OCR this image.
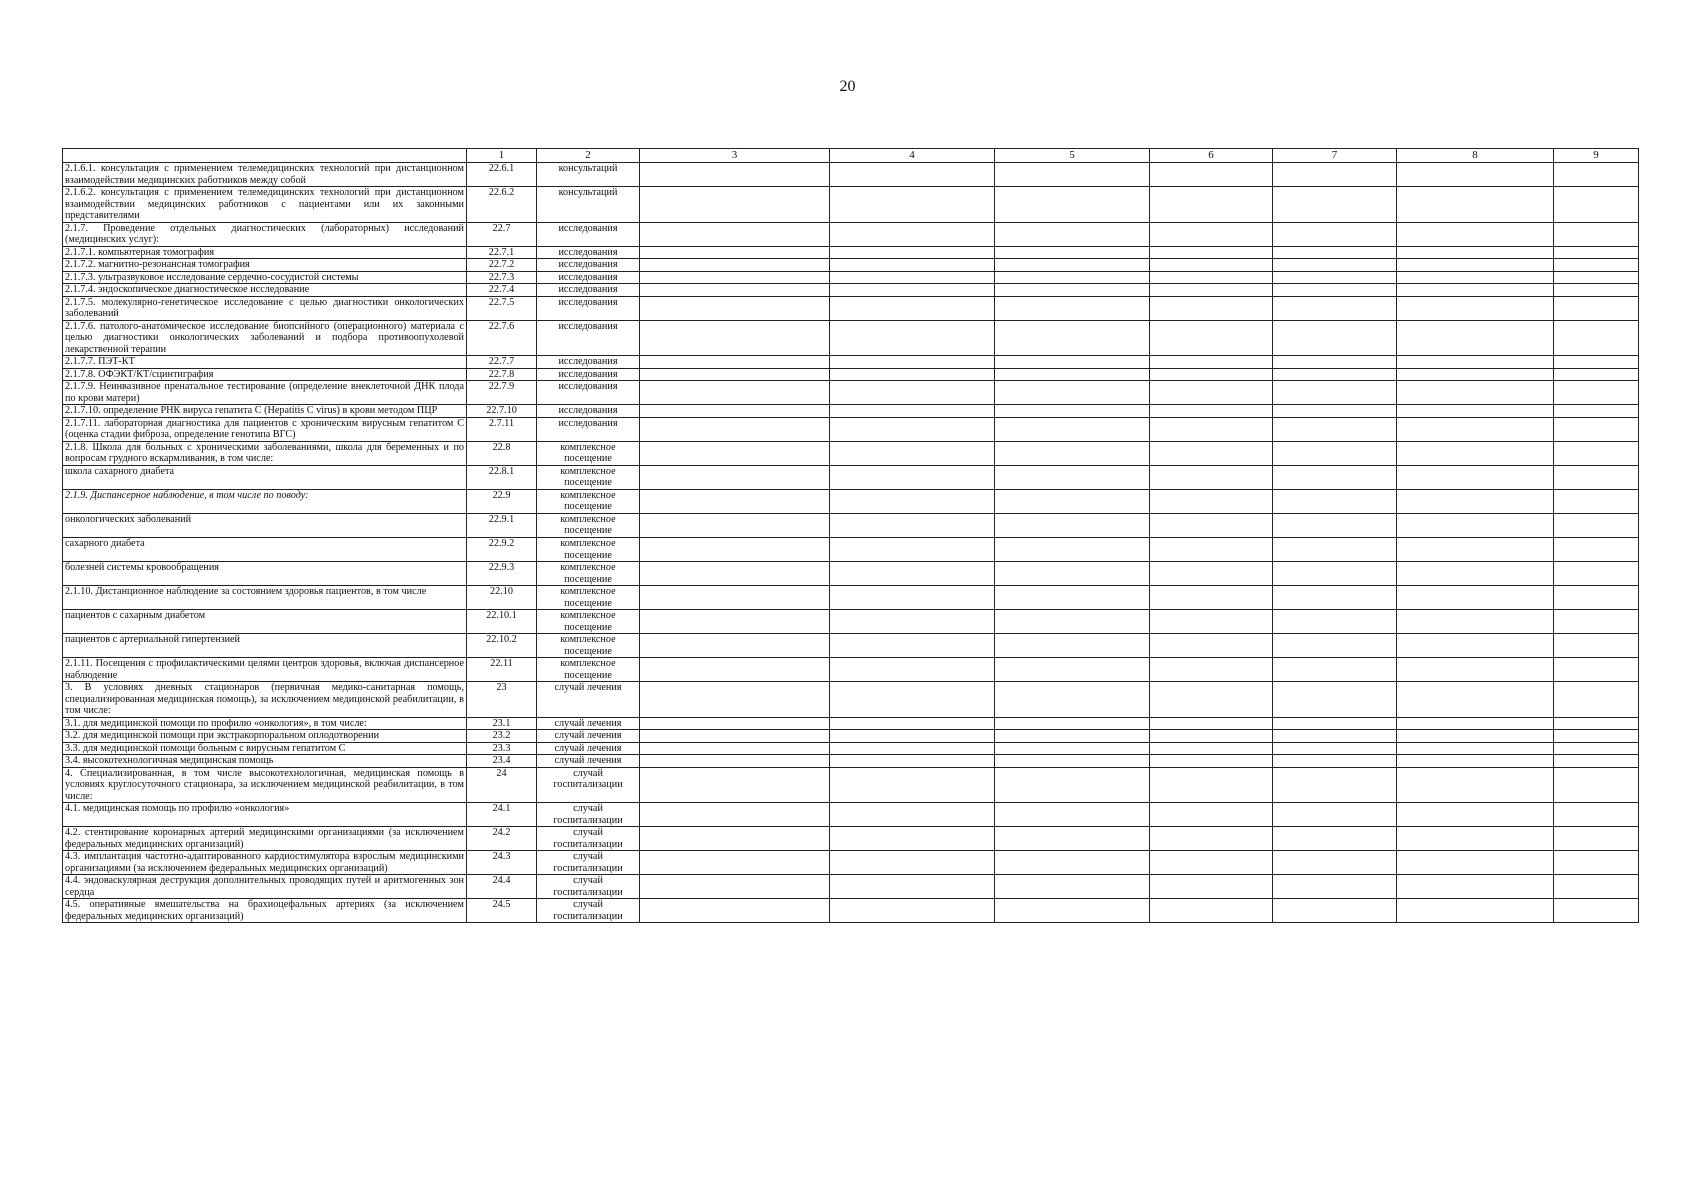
20
	1	2	3	4	5	6	7	8	9
2.1.6.1. консультация с применением телемедицинских технологий при дистанционном взаимодействии медицинских работников между собой	22.6.1	консультаций							
2.1.6.2. консультация с применением телемедицинских технологий при дистанционном взаимодействии медицинских работников с пациентами или их законными представителями	22.6.2	консультаций							
2.1.7. Проведение отдельных диагностических (лабораторных) исследований (медицинских услуг):	22.7	исследования							
2.1.7.1. компьютерная томография	22.7.1	исследования							
2.1.7.2. магнитно-резонансная томография	22.7.2	исследования							
2.1.7.3. ультразвуковое исследование сердечно-сосудистой системы	22.7.3	исследования							
2.1.7.4. эндоскопическое диагностическое исследование	22.7.4	исследования							
2.1.7.5. молекулярно-генетическое исследование с целью диагностики онкологических заболеваний	22.7.5	исследования							
2.1.7.6. патолого-анатомическое исследование биопсийного (операционного) материала с целью диагностики онкологических заболеваний и подбора противоопухолевой лекарственной терапии	22.7.6	исследования							
2.1.7.7. ПЭТ-КТ	22.7.7	исследования							
2.1.7.8. ОФЭКТ/КТ/сцинтиграфия	22.7.8	исследования							
2.1.7.9. Неинвазивное пренатальное тестирование (определение внеклеточной ДНК плода по крови матери)	22.7.9	исследования							
2.1.7.10. определение РНК вируса гепатита С (Hepatitis C virus) в крови методом ПЦР	22.7.10	исследования							
2.1.7.11. лабораторная диагностика для пациентов с хроническим вирусным гепатитом С (оценка стадии фиброза, определение генотипа ВГС)	2.7.11	исследования							
2.1.8. Школа для больных с хроническими заболеваниями, школа для беременных и по вопросам грудного вскармливания, в том числе:	22.8	комплексное посещение							
школа сахарного диабета	22.8.1	комплексное посещение							
2.1.9. Диспансерное наблюдение, в том числе по поводу:	22.9	комплексное посещение							
онкологических заболеваний	22.9.1	комплексное посещение							
сахарного диабета	22.9.2	комплексное посещение							
болезней системы кровообращения	22.9.3	комплексное посещение							
2.1.10. Дистанционное наблюдение за состоянием здоровья пациентов, в том числе	22.10	комплексное посещение							
пациентов с сахарным диабетом	22.10.1	комплексное посещение							
пациентов с артериальной гипертензией	22.10.2	комплексное посещение							
2.1.11. Посещения с профилактическими целями центров здоровья, включая диспансерное наблюдение	22.11	комплексное посещение							
3. В условиях дневных стационаров (первичная медико-санитарная помощь, специализированная медицинская помощь), за исключением медицинской реабилитации, в том числе:	23	случай лечения							
3.1. для медицинской помощи по профилю «онкология», в том числе:	23.1	случай лечения							
3.2. для медицинской помощи при экстракорпоральном оплодотворении	23.2	случай лечения							
3.3. для медицинской помощи больным с вирусным гепатитом С	23.3	случай лечения							
3.4. высокотехнологичная медицинская помощь	23.4	случай лечения							
4. Специализированная, в том числе высокотехнологичная, медицинская помощь в условиях круглосуточного стационара, за исключением медицинской реабилитации, в том числе:	24	случай госпитализации							
4.1. медицинская помощь по профилю «онкология»	24.1	случай госпитализации							
4.2. стентирование коронарных артерий медицинскими организациями (за исключением федеральных медицинских организаций)	24.2	случай госпитализации							
4.3. имплантация частотно-адаптированного кардиостимулятора взрослым медицинскими организациями (за исключением федеральных медицинских организаций)	24.3	случай госпитализации							
4.4. эндоваскулярная деструкция дополнительных проводящих путей и аритмогенных зон сердца	24.4	случай госпитализации							
4.5. оперативные вмешательства на брахиоцефальных артериях (за исключением федеральных медицинских организаций)	24.5	случай госпитализации							
